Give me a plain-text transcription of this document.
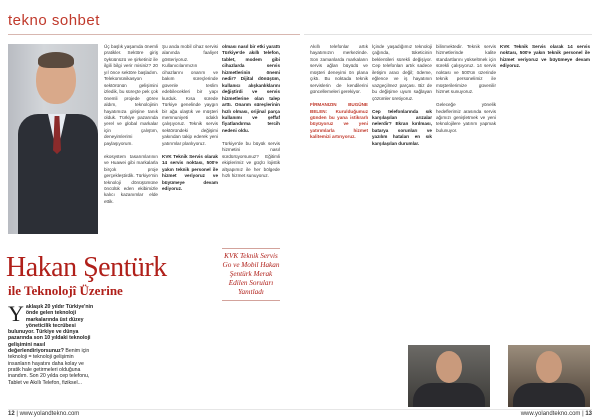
tekno sohbet
Hakan Şentürk
ile Teknolojî Üzerine
Yaklaşık 20 yıldır Türkiye'nin önde gelen teknoloji markalarında üst düzey yöneticilik tecrübesi bulunuyor. Türkiye ve dünya pazarında son 10 yıldaki teknoloji gelişimini nasıl değerlendiriyorsunuz? Benim için teknoloji = teknoloji gelişimin insanların hayatını daha kolay ve pratik hale getirmeleri olduğuna inandım. Son 20 yılda cep telefonu, Tablet ve Akıllı Telefon, fiziksel...
Üç başlık yaşamda önemli pratikler. Sektöre giriş öyküünüzü ve şirketiniz ile ilgili bilgi verir misiniz? 20 yıl önce sektöre başladım. Telekomünikasyon sektörünün gelişimini izledik, bu süreçte pek çok önemli projede görev aldım, teknolojinin hayatımıza girişine tanık olduk. Türkiye pazarında yerel ve global markalar için çalıştım, deneyimlerimi paylaşıyorum.

ekosystem tasarımlarının ve Huawei gibi markalarla birçok proje gerçekleştirdik. Türkiye'nin teknoloji dönüşümüne öncülük eden ekibimizle kalıcı kazanımlar elde ettik.
Şu anda mobil cihaz servisi alanında faaliyet gösteriyoruz. Kullanıcılarımızın cihazlarını onarım ve bakım süreçlerinde güvenle teslim edebilecekleri bir yapı kurduk. Kısa sürede Türkiye genelinde yaygın bir ağa ulaştık ve müşteri memnuniyeti odaklı çalışıyoruz. Teknik servis sektöründeki değişimi yakından takip ederek yeni yatırımlar planlıyoruz.

KVK Teknik Servis olarak 14 servis noktası, 500'e yakın teknik personel ile hizmet veriyoruz ve büyümeye devam ediyoruz.
KVK Teknik Servis Go ve Mobil Hakan Şentürk Merak Edilen Soruları Yanıtladı
olması nasıl bir etki yarattı Türkiye'de akıllı telefon, tablet, modem gibi cihazlarda servis hizmetlerinin önemi nedir? Dijital dönüşüm, kullanıcı alışkanlıklarını değiştirdi ve servis hizmetlerine olan talep arttı. Onarım süreçlerinin hızlı olması, orijinal parça kullanımı ve şeffaf fiyatlandırma tercih nedeni oldu.

Türkiye'de bu büyük servis hizmetini nasıl sürdürüyorsunuz? Eğitimli ekiplerimiz ve güçlü lojistik altyapımız ile her bölgede hızlı hizmet sunuyoruz.
Akıllı telefonlar artık hayatımızın merkezinde. Son zamanlarda markaların servis ağları büyüdü ve müşteri deneyimi ön plana çıktı. Bu noktada teknik servislerin de kendilerini güncellemeleri gerekiyor.

FİRMANIZIN BUGÜNE BELEN: Kurulduğumuz günden bu yana istikrarlı büyüyoruz ve yeni yatırımlarla hizmet kalitemizi artırıyoruz.
İçinde yaşadığımız teknoloji çağında, tüketicinin beklentileri sürekli değişiyor. Cep telefonları artık sadece iletişim aracı değil; ödeme, eğlence ve iş hayatının vazgeçilmez parçası. Biz de bu değişime uyum sağlayan çözümler üretiyoruz.

Cep telefonlarında sık karşılaşılan arızalar nelerdir? Ekran kırılması, batarya sorunları ve yazılım hataları en sık karşılaşılan durumlar.
bilinmektedir. Teknik servis hizmetlerinde kalite standartlarını yükseltmek için sürekli çalışıyoruz. 14 servis noktası ve 500'ün üzerinde teknik personelimiz ile müşterilerimize güvenilir hizmet sunuyoruz.

Geleceğe yönelik hedeflerimiz arasında servis ağımızı genişletmek ve yeni teknolojilere yatırım yapmak bulunuyor.
KVK Teknik Servis olarak 14 servis noktası, 500'e yakın teknik personel ile hizmet veriyoruz ve büyümeye devam ediyoruz.
12 | www.yolandtekno.com	www.yolandtekno.com | 13
